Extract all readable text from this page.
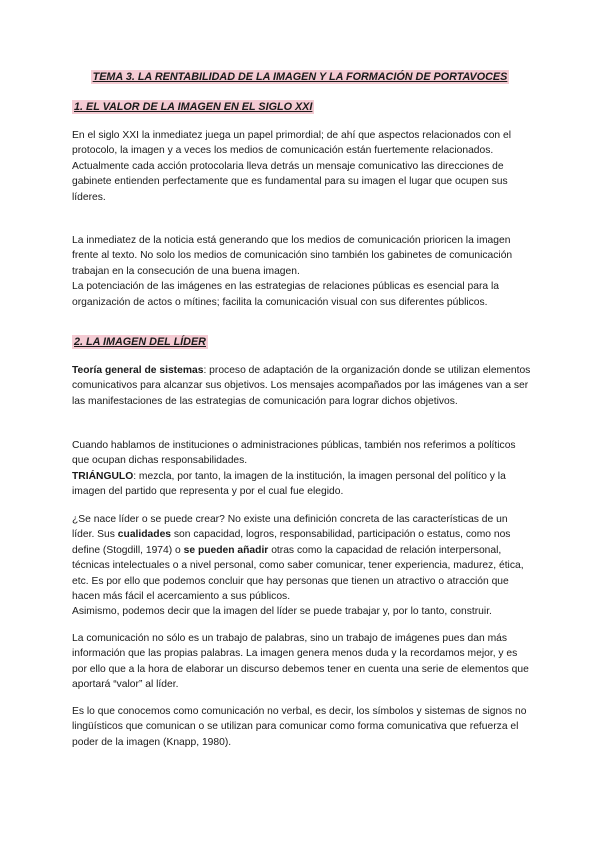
TEMA 3. LA RENTABILIDAD DE LA IMAGEN Y LA FORMACIÓN DE PORTAVOCES
1. EL VALOR DE LA IMAGEN EN EL SIGLO XXI

En el siglo XXI la inmediatez juega un papel primordial; de ahí que aspectos relacionados con el protocolo, la imagen y a veces los medios de comunicación están fuertemente relacionados.

Actualmente cada acción protocolaria lleva detrás un mensaje comunicativo las direcciones de gabinete entienden perfectamente que es fundamental para su imagen el lugar que ocupen sus líderes.

La inmediatez de la noticia está generando que los medios de comunicación prioricen la imagen frente al texto. No solo los medios de comunicación sino también los gabinetes de comunicación trabajan en la consecución de una buena imagen.

La potenciación de las imágenes en las estrategias de relaciones públicas es esencial para la organización de actos o mítines; facilita la comunicación visual con sus diferentes públicos.

2. LA IMAGEN DEL LÍDER

Teoría general de sistemas: proceso de adaptación de la organización donde se utilizan elementos comunicativos para alcanzar sus objetivos. Los mensajes acompañados por las imágenes van a ser las manifestaciones de las estrategias de comunicación para lograr dichos objetivos.

Cuando hablamos de instituciones o administraciones públicas, también nos referimos a políticos que ocupan dichas responsabilidades.

TRIÁNGULO: mezcla, por tanto, la imagen de la institución, la imagen personal del político y la imagen del partido que representa y por el cual fue elegido.

¿Se nace líder o se puede crear? No existe una definición concreta de las características de un líder. Sus cualidades son capacidad, logros, responsabilidad, participación o estatus, como nos define (Stogdill, 1974) o se pueden añadir otras como la capacidad de relación interpersonal, técnicas intelectuales o a nivel personal, como saber comunicar, tener experiencia, madurez, ética, etc. Es por ello que podemos concluir que hay personas que tienen un atractivo o atracción que hacen más fácil el acercamiento a sus públicos.

Asimismo, podemos decir que la imagen del líder se puede trabajar y, por lo tanto, construir.

La comunicación no sólo es un trabajo de palabras, sino un trabajo de imágenes pues dan más información que las propias palabras. La imagen genera menos duda y la recordamos mejor, y es por ello que a la hora de elaborar un discurso debemos tener en cuenta una serie de elementos que aportará “valor” al líder.

Es lo que conocemos como comunicación no verbal, es decir, los símbolos y sistemas de signos no lingüísticos que comunican o se utilizan para comunicar como forma comunicativa que refuerza el poder de la imagen (Knapp, 1980).
